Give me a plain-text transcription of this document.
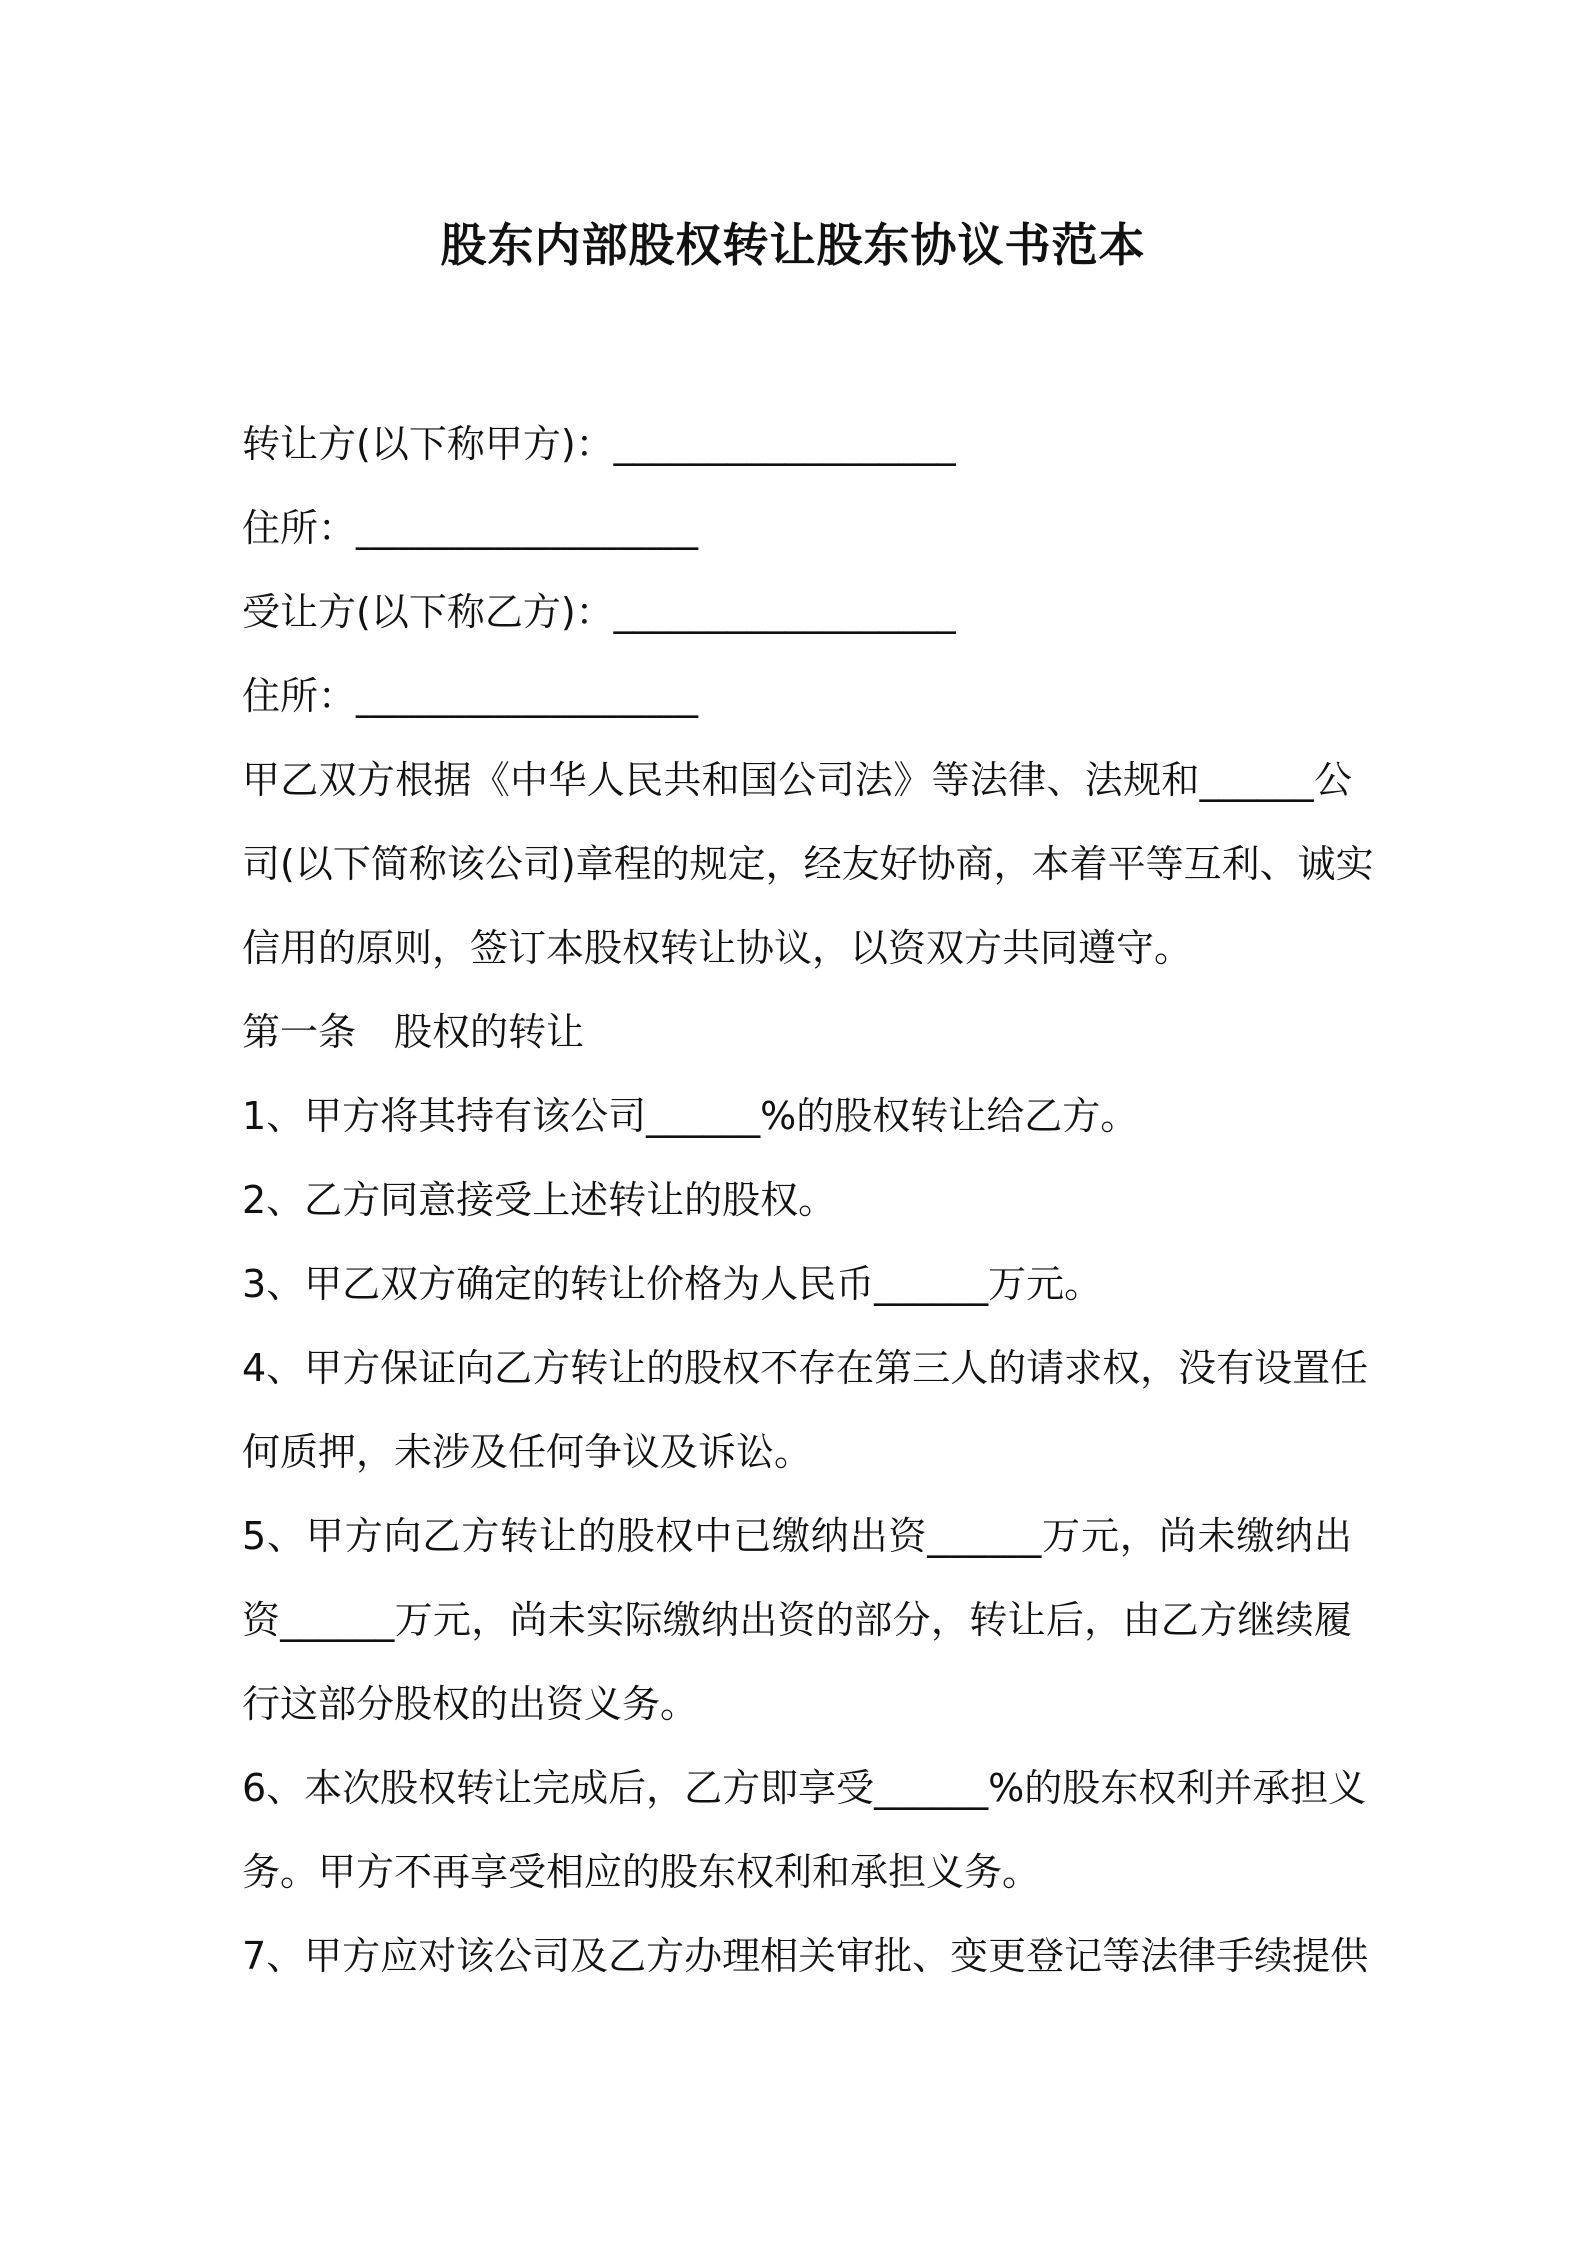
股东内部股权转让股东协议书范本

转让方(以下称甲方)：__________________

住所：__________________

受让方(以下称乙方)：__________________

住所：__________________

甲乙双方根据《中华人民共和国公司法》等法律、法规和______公

司(以下简称该公司)章程的规定，经友好协商，本着平等互利、诚实

信用的原则，签订本股权转让协议，以资双方共同遵守。

第一条　股权的转让

1、甲方将其持有该公司______%的股权转让给乙方。

2、乙方同意接受上述转让的股权。

3、甲乙双方确定的转让价格为人民币______万元。

4、甲方保证向乙方转让的股权不存在第三人的请求权，没有设置任

何质押，未涉及任何争议及诉讼。

5、甲方向乙方转让的股权中已缴纳出资______万元，尚未缴纳出

资______万元，尚未实际缴纳出资的部分，转让后，由乙方继续履

行这部分股权的出资义务。

6、本次股权转让完成后，乙方即享受______%的股东权利并承担义

务。甲方不再享受相应的股东权利和承担义务。

7、甲方应对该公司及乙方办理相关审批、变更登记等法律手续提供
